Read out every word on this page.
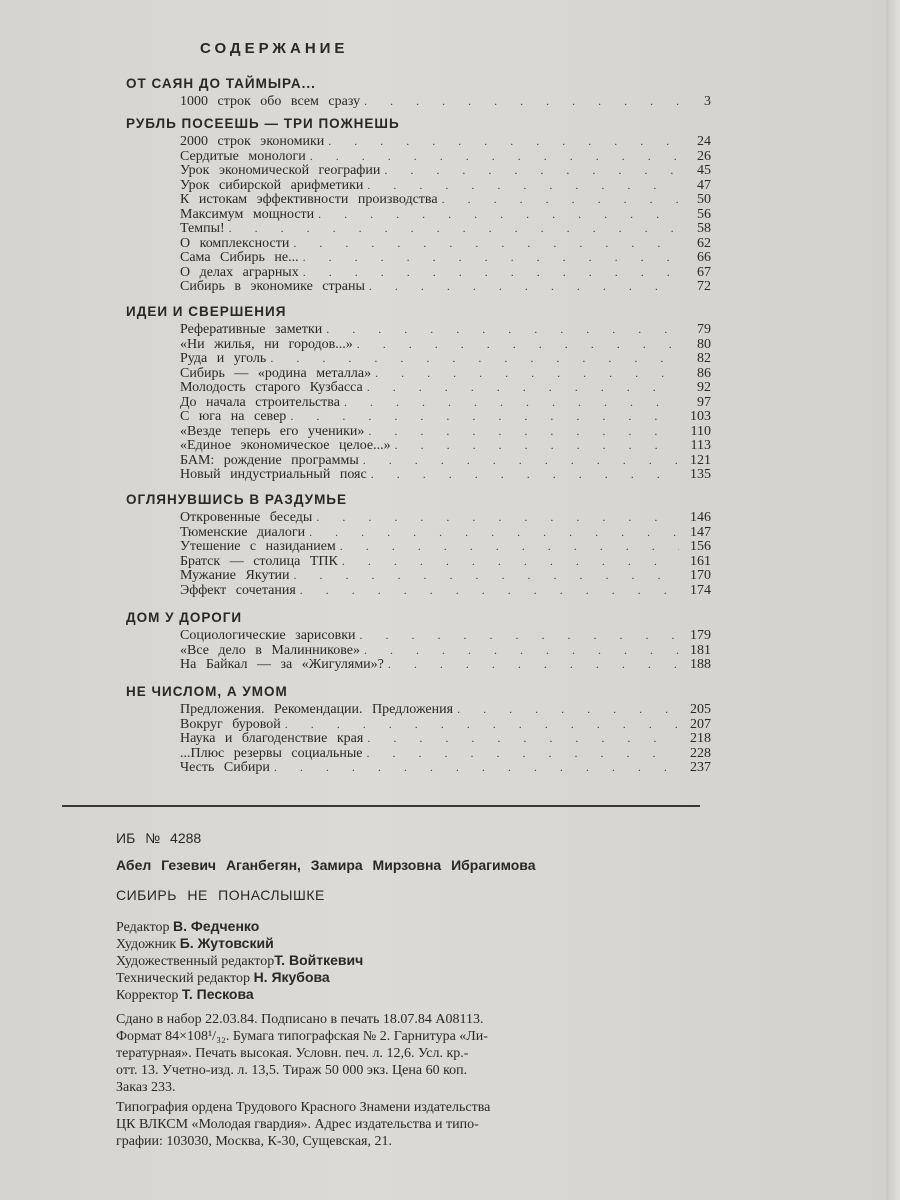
СОДЕРЖАНИЕ
ОТ САЯН ДО ТАЙМЫРА...
1000 строк обо всем сразу . . .	3
РУБЛЬ ПОСЕЕШЬ — ТРИ ПОЖНЕШЬ
2000 строк экономики . . .	24
Сердитые монологи . . .	26
Урок экономической географии . . .	45
Урок сибирской арифметики . . .	47
К истокам эффективности производства . . .	50
Максимум мощности . . .	56
Темпы! . . .	58
О комплексности . . .	62
Сама Сибирь не... . . .	66
О делах аграрных . . .	67
Сибирь в экономике страны . . .	72
ИДЕИ И СВЕРШЕНИЯ
Реферативные заметки . . .	79
«Ни жилья, ни городов...» . . .	80
Руда и уголь . . .	82
Сибирь — «родина металла» . . .	86
Молодость старого Кузбасса . . .	92
До начала строительства . . .	97
С юга на север . . .	103
«Везде теперь его ученики» . . .	110
«Единое экономическое целое...» . . .	113
БАМ: рождение программы . . .	121
Новый индустриальный пояс . . .	135
ОГЛЯНУВШИСЬ В РАЗДУМЬЕ
Откровенные беседы . . .	146
Тюменские диалоги . . .	147
Утешение с назиданием . . .	156
Братск — столица ТПК . . .	161
Мужание Якутии . . .	170
Эффект сочетания . . .	174
ДОМ У ДОРОГИ
Социологические зарисовки . . .	179
«Все дело в Малинникове» . . .	181
На Байкал — за «Жигулями»? . . .	188
НЕ ЧИСЛОМ, А УМОМ
Предложения. Рекомендации. Предложения . . .	205
Вокруг буровой . . .	207
Наука и благоденствие края . . .	218
...Плюс резервы социальные . . .	228
Честь Сибири . . .	237
ИБ № 4288
Абел Гезевич Аганбегян, Замира Мирзовна Ибрагимова
СИБИРЬ НЕ ПОНАСЛЫШКЕ
Редактор В. Федченко
Художник Б. Жутовский
Художественный редакторТ. Войткевич
Технический редактор Н. Якубова
Корректор Т. Пескова
Сдано в набор 22.03.84. Подписано в печать 18.07.84 А08113.
Формат 84×108¹/₃₂. Бумага типографская № 2. Гарнитура «Ли-
тературная». Печать высокая. Условн. печ. л. 12,6. Усл. кр.-
отт. 13. Учетно-изд. л. 13,5. Тираж 50 000 экз. Цена 60 коп.
Заказ 233.
Типография ордена Трудового Красного Знамени издательства
ЦК ВЛКСМ «Молодая гвардия». Адрес издательства и типо-
графии: 103030, Москва, К-30, Сущевская, 21.
